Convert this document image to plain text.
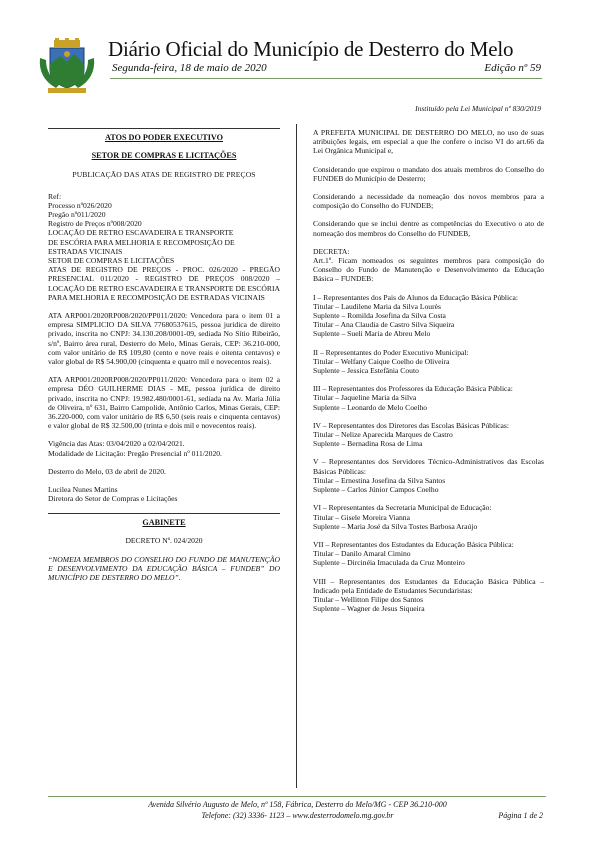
Diário Oficial do Município de Desterro do Melo
Segunda-feira, 18 de maio de 2020	Edição nº 59
Instituído pela Lei Municipal nº 830/2019
ATOS DO PODER EXECUTIVO
SETOR DE COMPRAS E LICITAÇÕES
PUBLICAÇÃO DAS ATAS DE REGISTRO DE PREÇOS
Ref:
Processo nº026/2020
Pregão nº011/2020
Registro de Preços nº008/2020
LOCAÇÃO DE RETRO ESCAVADEIRA E TRANSPORTE
DE ESCÓRIA PARA MELHORIA E RECOMPOSIÇÃO DE
ESTRADAS VICINAIS
SETOR DE COMPRAS E LICITAÇÕES
ATAS DE REGISTRO DE PREÇOS - PROC. 026/2020 - PREGÃO PRESENCIAL 011/2020 - REGISTRO DE PREÇOS 008/2020 – LOCAÇÃO DE RETRO ESCAVADEIRA E TRANSPORTE DE ESCÓRIA PARA MELHORIA E RECOMPOSIÇÃO DE ESTRADAS VICINAIS
ATA ARP001/2020RP008/2020/PP011/2020: Vencedora para o item 01 a empresa SIMPLICIO DA SILVA 77680537615, pessoa jurídica de direito privado, inscrita no CNPJ: 34.130.208/0001-09, sediada No Sítio Ribeirão, s/nº, Bairro área rural, Desterro do Melo, Minas Gerais, CEP: 36.210-000, com valor unitário de R$ 109,80 (cento e nove reais e oitenta centavos) e valor global de R$ 54.900,00 (cinquenta e quatro mil e novecentos reais).
ATA ARP001/2020RP008/2020/PP011/2020: Vencedora para o item 02 a empresa DÉO GUILHERME DIAS - ME, pessoa jurídica de direito privado, inscrita no CNPJ: 19.982.480/0001-61, sediada na Av. Maria Júlia de Oliveira, nº 631, Bairro Campolide, Antônio Carlos, Minas Gerais, CEP: 36.220-000, com valor unitário de R$ 6,50 (seis reais e cinquenta centavos) e valor global de R$ 32.500,00 (trinta e dois mil e novecentos reais).
Vigência das Atas: 03/04/2020 a 02/04/2021.
Modalidade de Licitação: Pregão Presencial nº 011/2020.
Desterro do Melo, 03 de abril de 2020.
Lucilea Nunes Martins
Diretora do Setor de Compras e Licitações
GABINETE
DECRETO Nº. 024/2020
“NOMEIA MEMBROS DO CONSELHO DO FUNDO DE MANUTENÇÃO E DESENVOLVIMENTO DA EDUCAÇÃO BÁSICA – FUNDEB” DO MUNICÍPIO DE DESTERRO DO MELO”.
A PREFEITA MUNICIPAL DE DESTERRO DO MELO, no uso de suas atribuições legais, em especial a que lhe confere o inciso VI do art.66 da Lei Orgânica Municipal e,
Considerando que expirou o mandato dos atuais membros do Conselho do FUNDEB do Município de Desterro;
Considerando a necessidade da nomeação dos novos membros para a composição do Conselho do FUNDEB;
Considerando que se inclui dentre as competências do Executivo o ato de nomeação dos membros do Conselho do FUNDEB,
DECRETA:
Art.1º. Ficam nomeados os seguintes membros para composição do Conselho do Fundo de Manutenção e Desenvolvimento da Educação Básica – FUNDEB:
I – Representantes dos Pais de Alunos da Educação Básica Pública:
Titular – Laudilene Maria da Silva Lourès
Suplente – Romilda Josefina da Silva Costa
Titular – Ana Claudia de Castro Silva Siqueira
Suplente – Sueli Maria de Abreu Melo
II – Representantes do Poder Executivo Municipal:
Titular – Welfany Caique Coelho de Oliveira
Suplente – Jessica Estefânia Couto
III – Representantes dos Professores da Educação Básica Pública:
Titular – Jaqueline Maria da Silva
Suplente – Leonardo de Melo Coelho
IV – Representantes dos Diretores das Escolas Básicas Públicas:
Titular – Nelize Aparecida Marques de Castro
Suplente – Bernadina Rosa de Lima
V – Representantes dos Servidores Técnico-Administrativos das Escolas Básicas Públicas:
Titular – Ernestina Josefina da Silva Santos
Suplente – Carlos Júnior Campos Coelho
VI – Representantes da Secretaria Municipal de Educação:
Titular – Gisele Moreira Vianna
Suplente – Maria José da Silva Tostes Barbosa Araújo
VII – Representantes dos Estudantes da Educação Básica Pública:
Titular – Danilo Amaral Cimino
Suplente – Dircinéia Imaculada da Cruz Monteiro
VIII – Representantes dos Estudantes da Educação Básica Pública – Indicado pela Entidade de Estudantes Secundaristas:
Titular – Wellitton Filipe dos Santos
Suplente – Wagner de Jesus Siqueira
Avenida Silvério Augusto de Melo, nº 158, Fábrica, Desterro do Melo/MG - CEP 36.210-000
Telefone: (32) 3336- 1123 – www.desterrodomelo.mg.gov.br	Página 1 de 2
